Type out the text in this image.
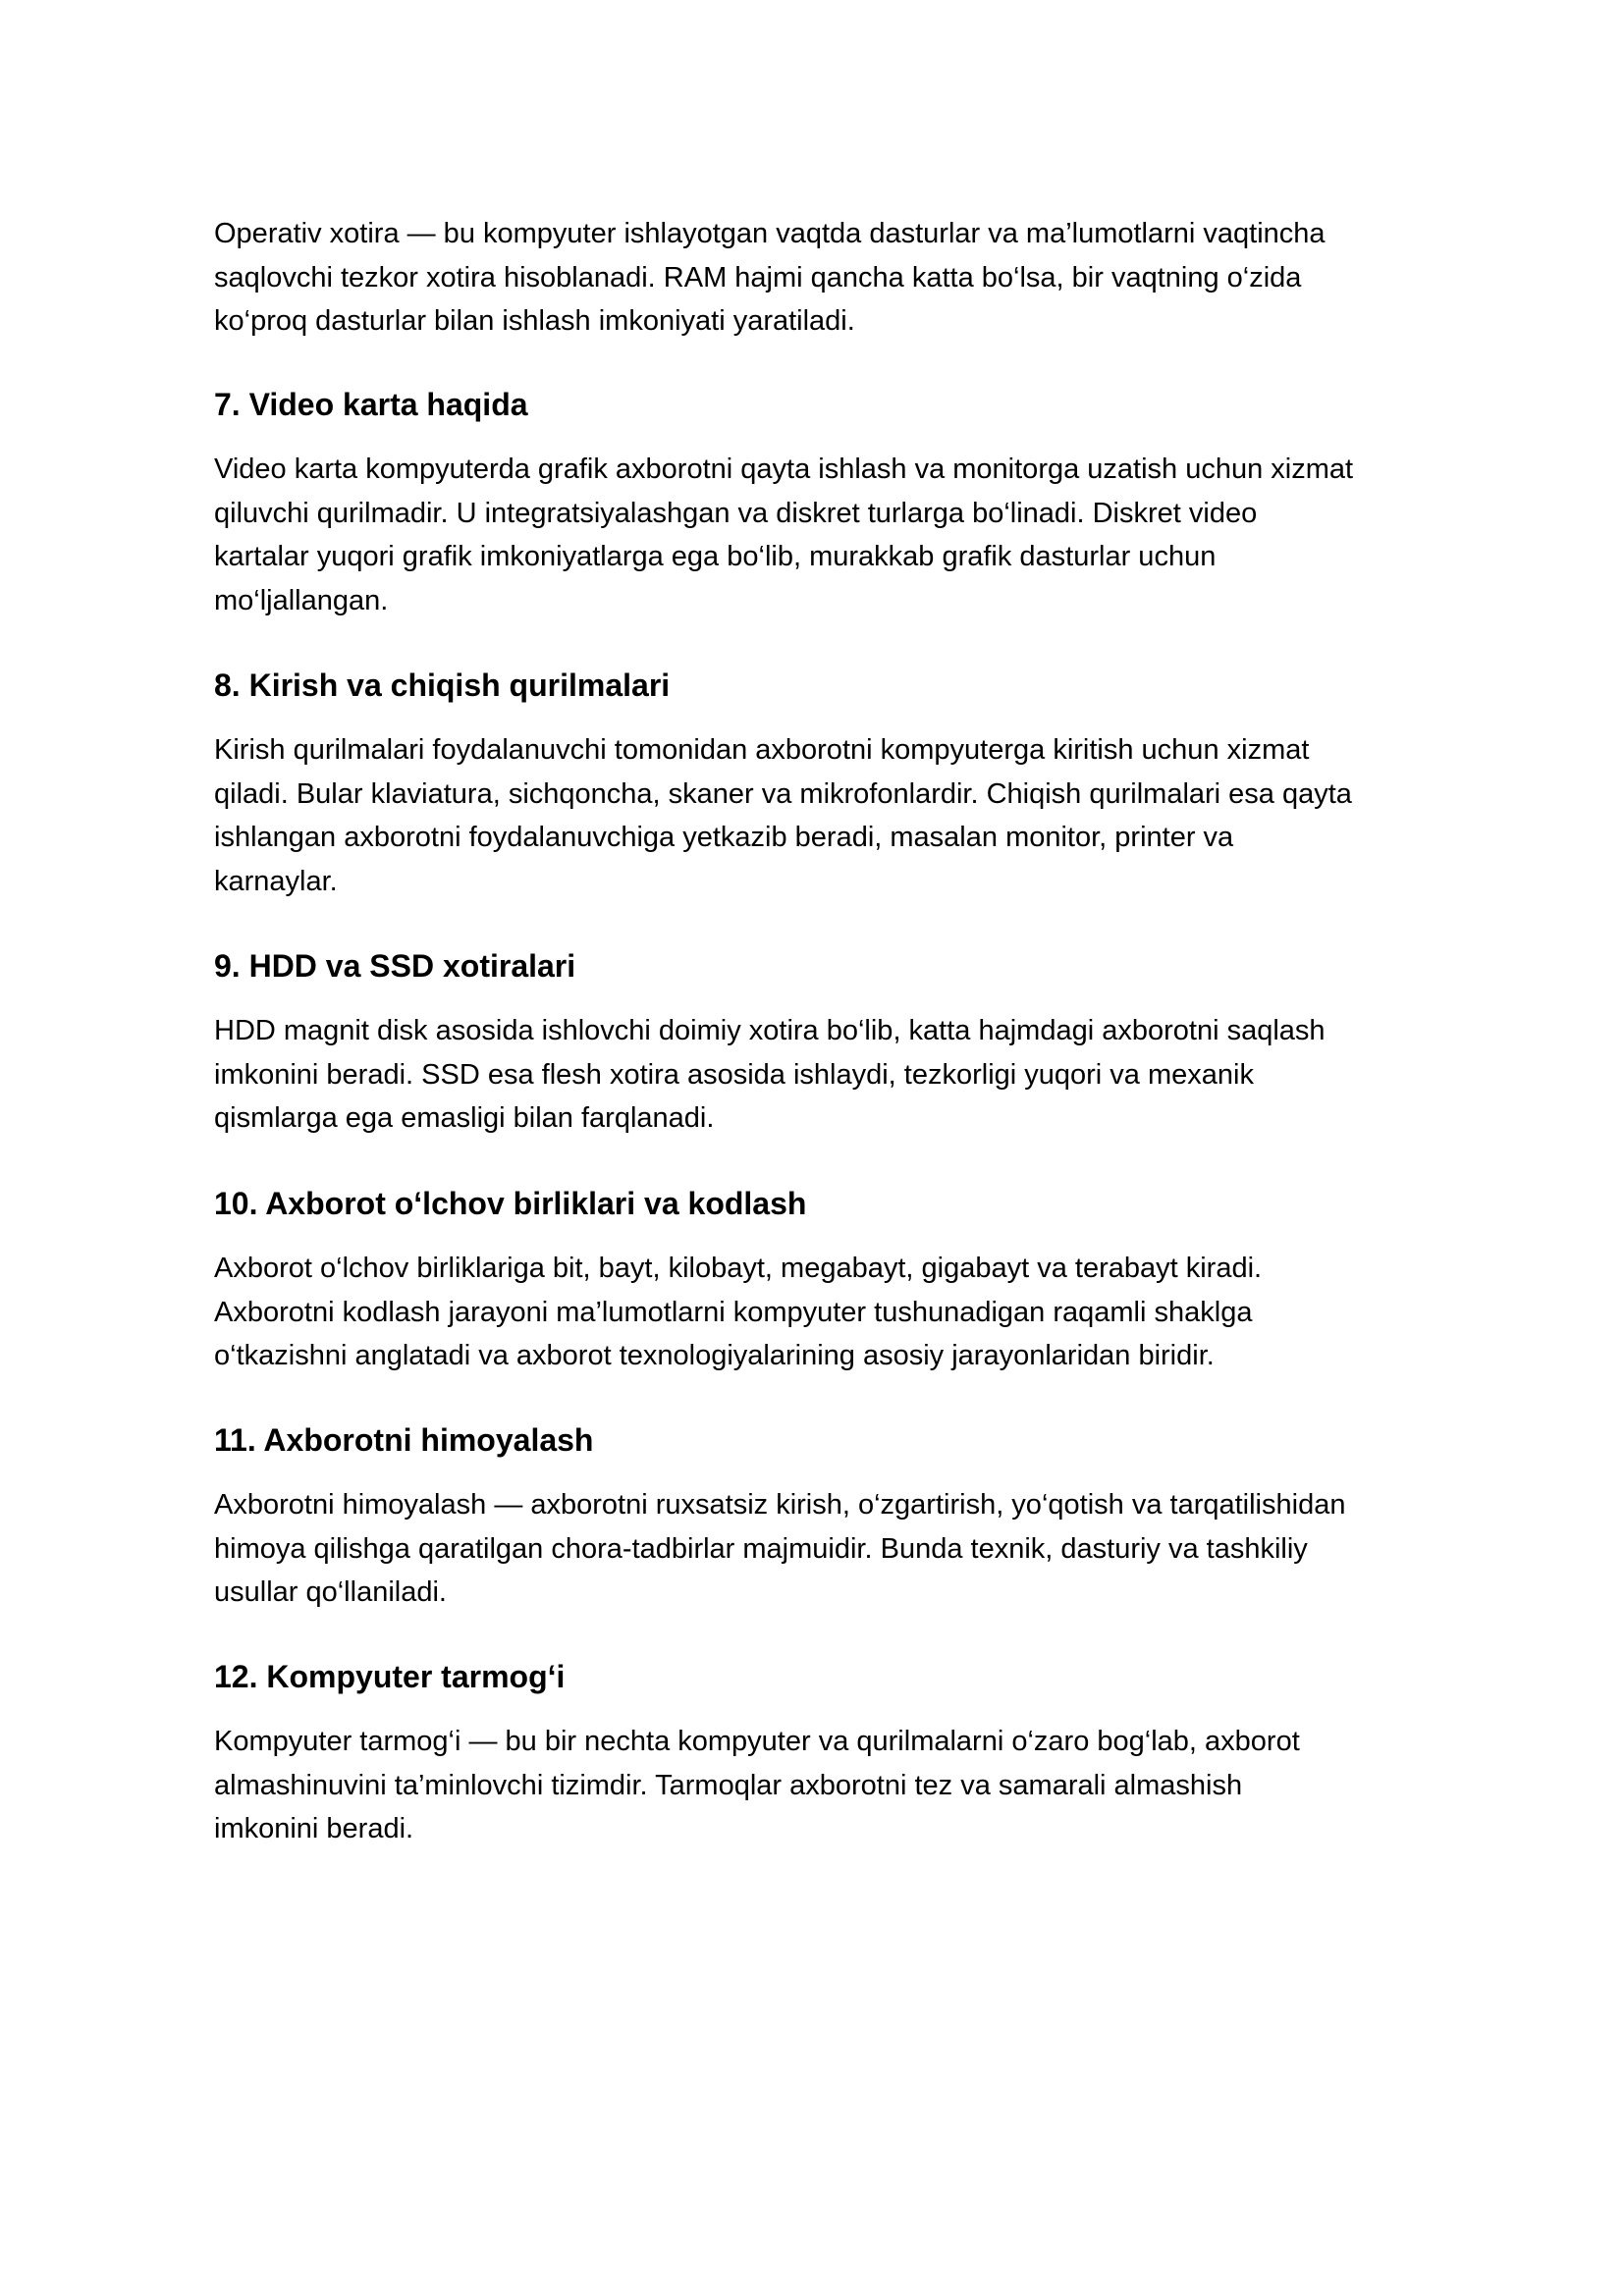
Operativ xotira — bu kompyuter ishlayotgan vaqtda dasturlar va ma’lumotlarni vaqtincha
saqlovchi tezkor xotira hisoblanadi. RAM hajmi qancha katta bo‘lsa, bir vaqtning o‘zida
ko‘proq dasturlar bilan ishlash imkoniyati yaratiladi.

7. Video karta haqida

Video karta kompyuterda grafik axborotni qayta ishlash va monitorga uzatish uchun xizmat
qiluvchi qurilmadir. U integratsiyalashgan va diskret turlarga bo‘linadi. Diskret video
kartalar yuqori grafik imkoniyatlarga ega bo‘lib, murakkab grafik dasturlar uchun
mo‘ljallangan.

8. Kirish va chiqish qurilmalari

Kirish qurilmalari foydalanuvchi tomonidan axborotni kompyuterga kiritish uchun xizmat
qiladi. Bular klaviatura, sichqoncha, skaner va mikrofonlardir. Chiqish qurilmalari esa qayta
ishlangan axborotni foydalanuvchiga yetkazib beradi, masalan monitor, printer va
karnaylar.

9. HDD va SSD xotiralari

HDD magnit disk asosida ishlovchi doimiy xotira bo‘lib, katta hajmdagi axborotni saqlash
imkonini beradi. SSD esa flesh xotira asosida ishlaydi, tezkorligi yuqori va mexanik
qismlarga ega emasligi bilan farqlanadi.

10. Axborot o‘lchov birliklari va kodlash

Axborot o‘lchov birliklariga bit, bayt, kilobayt, megabayt, gigabayt va terabayt kiradi.
Axborotni kodlash jarayoni ma’lumotlarni kompyuter tushunadigan raqamli shaklga
o‘tkazishni anglatadi va axborot texnologiyalarining asosiy jarayonlaridan biridir.

11. Axborotni himoyalash

Axborotni himoyalash — axborotni ruxsatsiz kirish, o‘zgartirish, yo‘qotish va tarqatilishidan
himoya qilishga qaratilgan chora-tadbirlar majmuidir. Bunda texnik, dasturiy va tashkiliy
usullar qo‘llaniladi.

12. Kompyuter tarmog‘i

Kompyuter tarmog‘i — bu bir nechta kompyuter va qurilmalarni o‘zaro bog‘lab, axborot
almashinuvini ta’minlovchi tizimdir. Tarmoqlar axborotni tez va samarali almashish
imkonini beradi.
